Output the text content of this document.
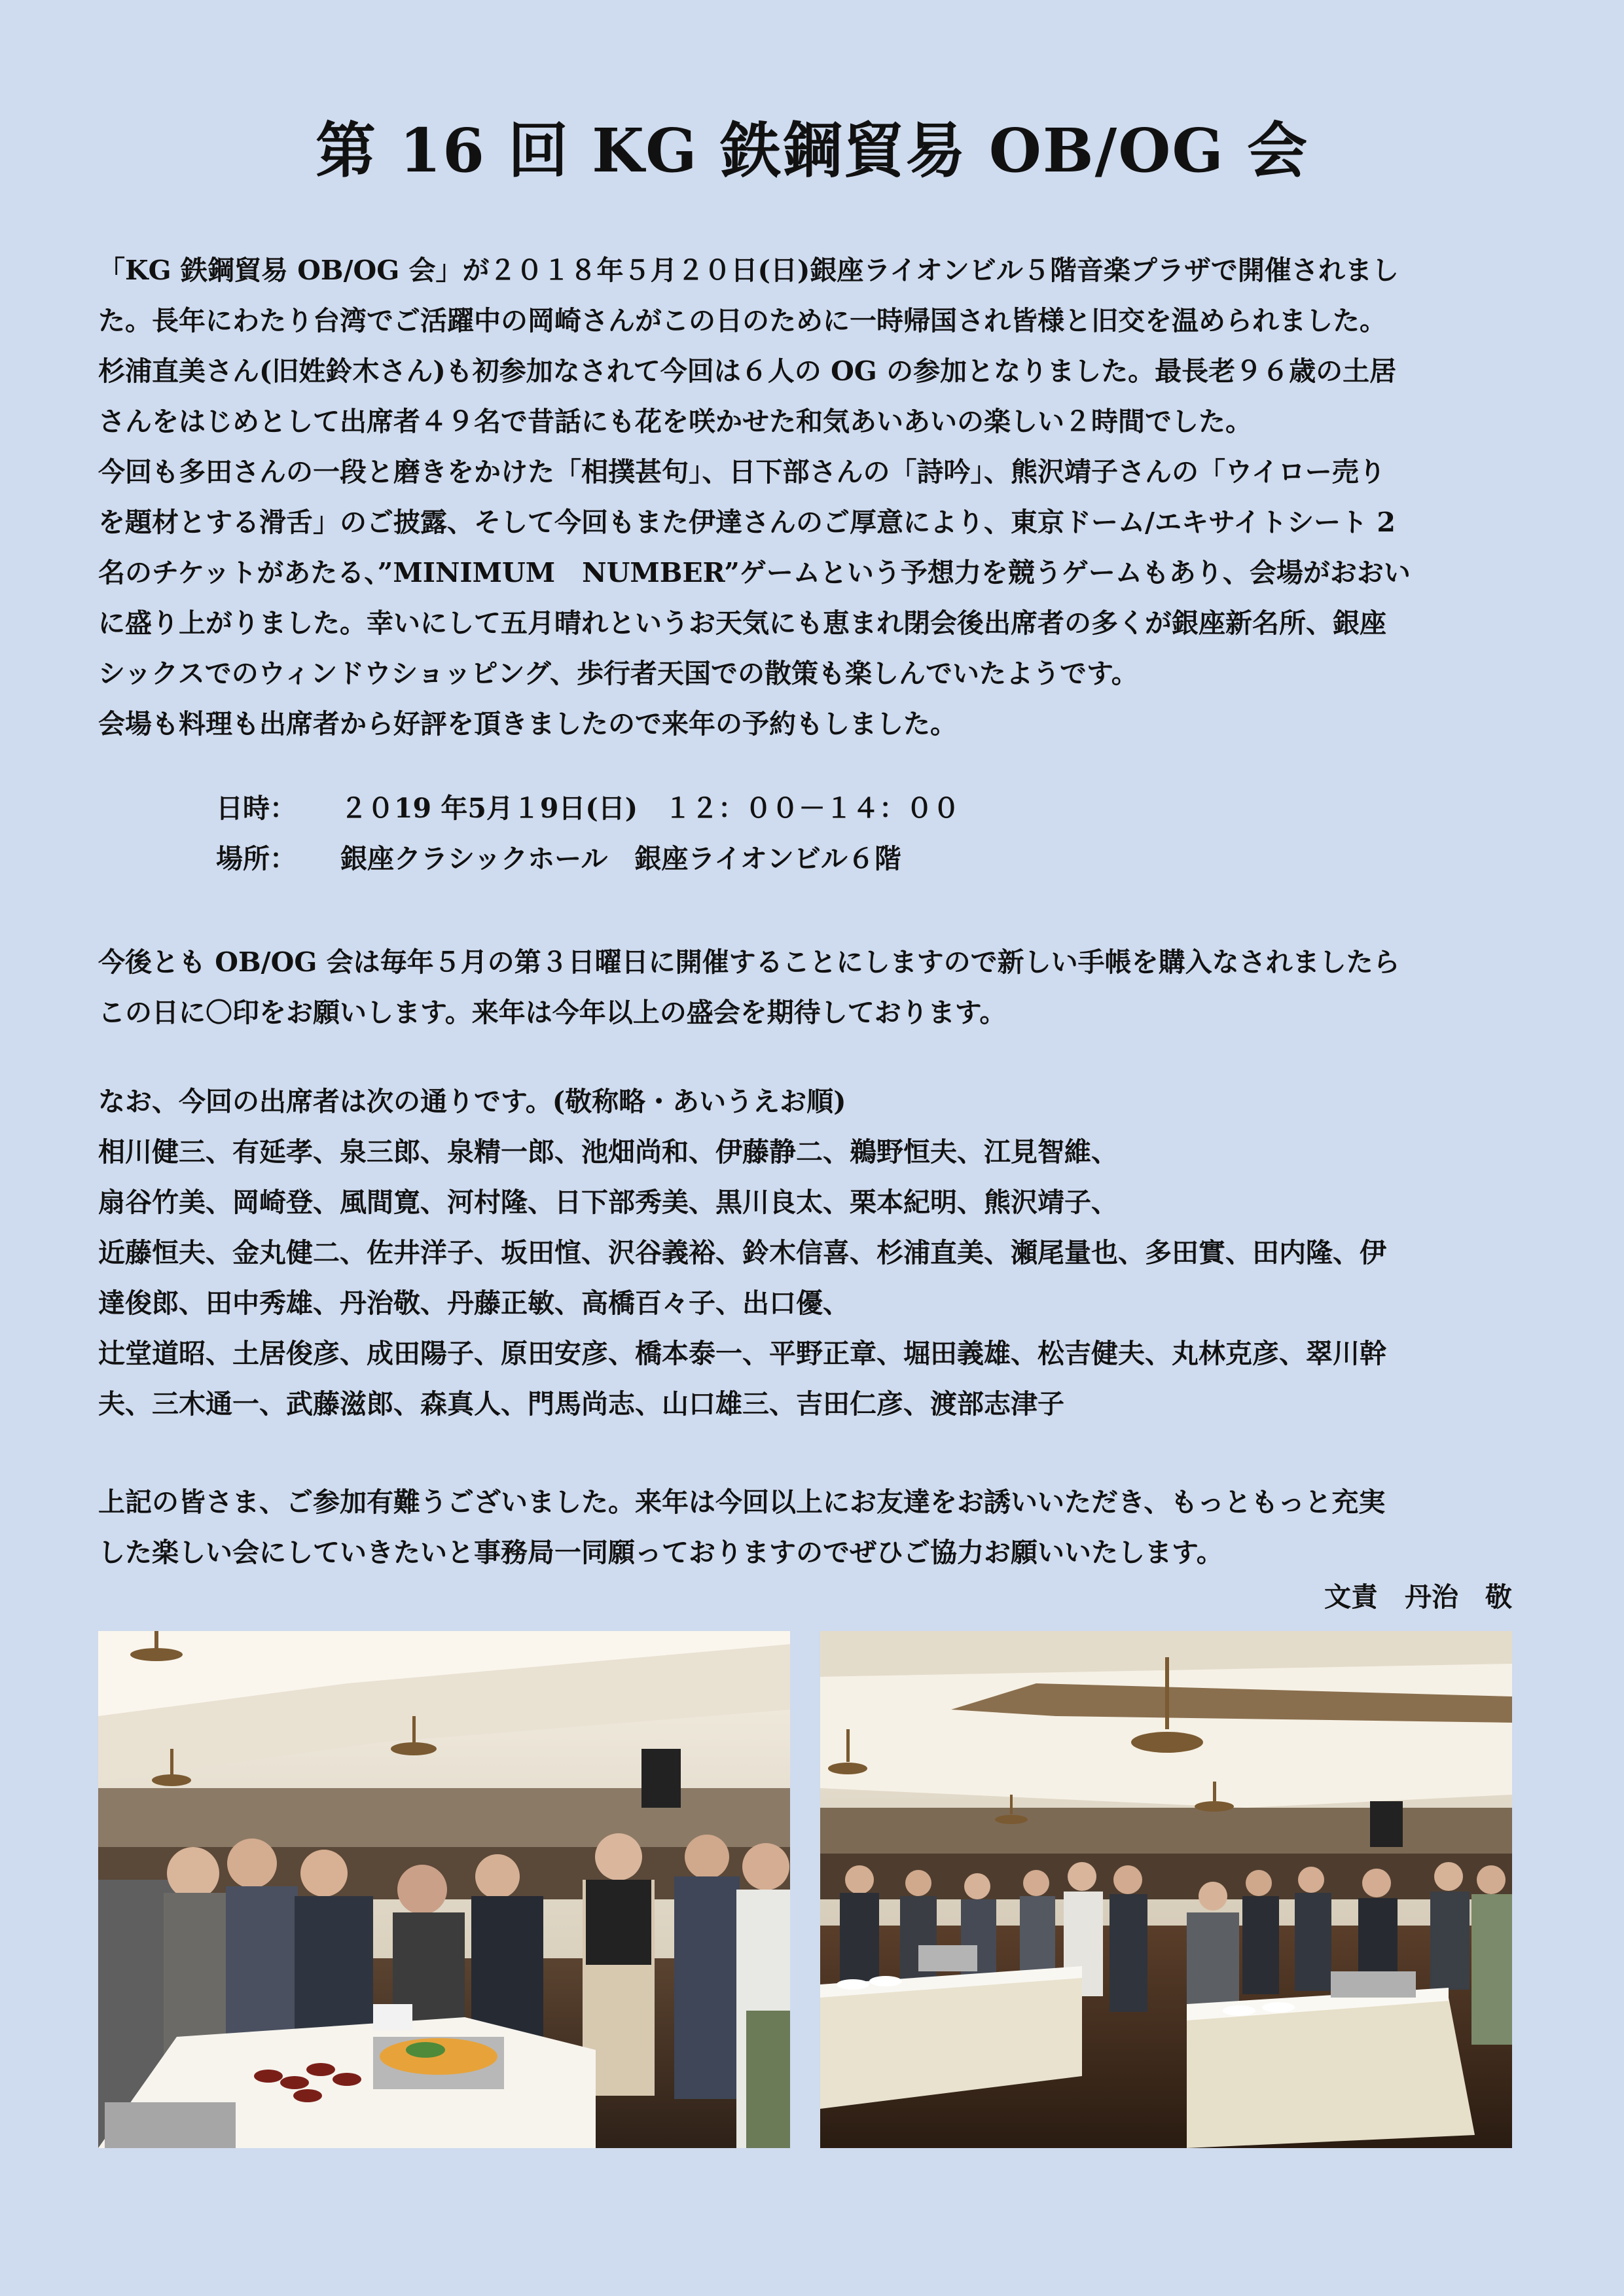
第 16 回 KG 鉄鋼貿易 OB/OG 会

「KG 鉄鋼貿易 OB/OG 会」が２０１８年５月２０日(日)銀座ライオンビル５階音楽プラザで開催されまし

た。長年にわたり台湾でご活躍中の岡崎さんがこの日のために一時帰国され皆様と旧交を温められました。

杉浦直美さん(旧姓鈴木さん)も初参加なされて今回は６人の OG の参加となりました。最長老９６歳の土居

さんをはじめとして出席者４９名で昔話にも花を咲かせた和気あいあいの楽しい２時間でした。

今回も多田さんの一段と磨きをかけた「相撲甚句」、日下部さんの「詩吟」、熊沢靖子さんの「ウイロー売り

を題材とする滑舌」のご披露、そして今回もまた伊達さんのご厚意により、東京ドーム/エキサイトシート 2

名のチケットがあたる、”MINIMUM　NUMBER”ゲームという予想力を競うゲームもあり、会場がおおい

に盛り上がりました。幸いにして五月晴れというお天気にも恵まれ閉会後出席者の多くが銀座新名所、銀座

シックスでのウィンドウショッピング、歩行者天国での散策も楽しんでいたようです。

会場も料理も出席者から好評を頂きましたので来年の予約もしました。

日時：	２０19 年5月１9日(日)　１２：００－１４：００
場所：	銀座クラシックホール　銀座ライオンビル６階

今後とも OB/OG 会は毎年５月の第３日曜日に開催することにしますので新しい手帳を購入なされましたら

この日に〇印をお願いします。来年は今年以上の盛会を期待しております。

なお、今回の出席者は次の通りです。(敬称略・あいうえお順)

相川健三、有延孝、泉三郎、泉精一郎、池畑尚和、伊藤静二、鵜野恒夫、江見智維、

扇谷竹美、岡崎登、風間寛、河村隆、日下部秀美、黒川良太、栗本紀明、熊沢靖子、

近藤恒夫、金丸健二、佐井洋子、坂田愃、沢谷義裕、鈴木信喜、杉浦直美、瀬尾量也、多田實、田内隆、伊

達俊郎、田中秀雄、丹治敬、丹藤正敏、高橋百々子、出口優、

辻堂道昭、土居俊彦、成田陽子、原田安彦、橋本泰一、平野正章、堀田義雄、松吉健夫、丸林克彦、翠川幹

夫、三木通一、武藤滋郎、森真人、門馬尚志、山口雄三、吉田仁彦、渡部志津子

上記の皆さま、ご参加有難うございました。来年は今回以上にお友達をお誘いいただき、もっともっと充実

した楽しい会にしていきたいと事務局一同願っておりますのでぜひご協力お願いいたします。

文責　丹治　敬
